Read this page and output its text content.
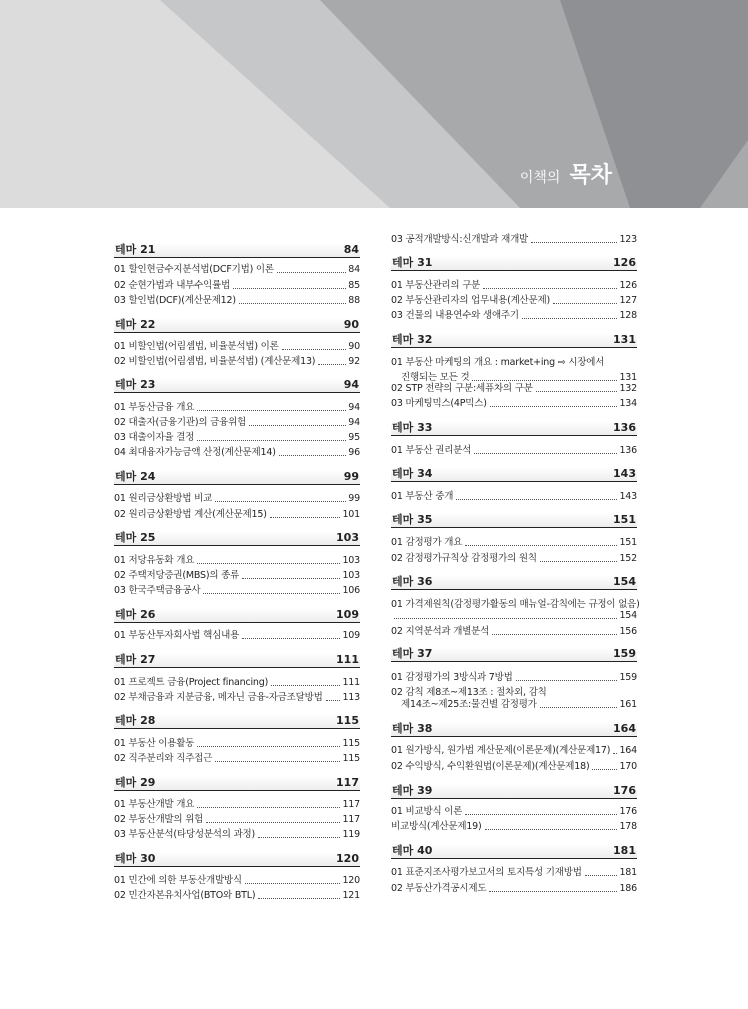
이책의 목차
테마 21	84
01 할인현금수지분석법(DCF기법) 이론	84
02 순현가법과 내부수익률법	85
03 할인법(DCF)(계산문제12)	88
테마 22	90
01 비할인법(어림셈법, 비율분석법) 이론	90
02 비할인법(어림셈법, 비율분석법) (계산문제13)	92
테마 23	94
01 부동산금융 개요	94
02 대출자(금융기관)의 금융위험	94
03 대출이자율 결정	95
04 최대융자가능금액 산정(계산문제14)	96
테마 24	99
01 원리금상환방법 비교	99
02 원리금상환방법 계산(계산문제15)	101
테마 25	103
01 저당유동화 개요	103
02 주택저당증권(MBS)의 종류	103
03 한국주택금융공사	106
테마 26	109
01 부동산투자회사법 핵심내용	109
테마 27	111
01 프로젝트 금융(Project financing)	111
02 부채금융과 지분금융, 메자닌 금융-자금조달방법 113
테마 28	115
01 부동산 이용활동	115
02 직주분리와 직주접근	115
테마 29	117
01 부동산개발 개요	117
02 부동산개발의 위험	117
03 부동산분석(타당성분석의 과정)	119
테마 30	120
01 민간에 의한 부동산개발방식	120
02 민간자본유치사업(BTO와 BTL)	121
03 공적개발방식:신개발과 재개발	123
테마 31	126
01 부동산관리의 구분	126
02 부동산관리자의 업무내용(계산문제)	127
03 건물의 내용연수와 생애주기	128
테마 32	131
01 부동산 마케팅의 개요 : market+ing ⇨ 시장에서
진행되는 모든 것	131
02 STP 전략의 구분:세퓨차의 구분	132
03 마케팅믹스(4P믹스)	134
테마 33	136
01 부동산 권리분석	136
테마 34	143
01 부동산 중개	143
테마 35	151
01 감정평가 개요	151
02 감정평가규칙상 감정평가의 원칙	152
테마 36	154
01 가격제원칙(감정평가활동의 매뉴얼-감칙에는 규정이 없음)
154
02 지역분석과 개별분석	156
테마 37	159
01 감정평가의 3방식과 7방법	159
02 감칙 제8조~제13조 : 절차외, 감칙
제14조~제25조:물건별 감정평가	161
테마 38	164
01 원가방식, 원가법 계산문제(이론문제)(계산문제17) 164
02 수익방식, 수익환원법(이론문제)(계산문제18)	170
테마 39	176
01 비교방식 이론	176
비교방식(계산문제19)	178
테마 40	181
01 표준지조사평가보고서의 토지특성 기재방법	181
02 부동산가격공시제도	186
